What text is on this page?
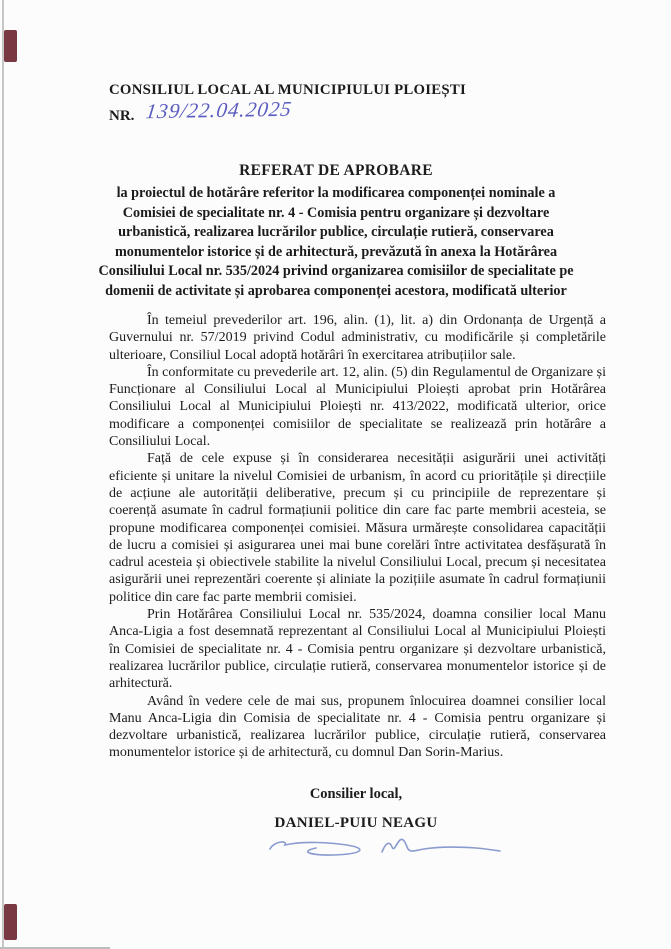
CONSILIUL LOCAL AL MUNICIPIULUI PLOIEȘTI
NR. 139/22.04.2025
REFERAT DE APROBARE
la proiectul de hotărâre referitor la modificarea componenței nominale a
Comisiei de specialitate nr. 4 - Comisia pentru organizare și dezvoltare
urbanistică, realizarea lucrărilor publice, circulație rutieră, conservarea
monumentelor istorice și de arhitectură, prevăzută în anexa la Hotărârea
Consiliului Local nr. 535/2024 privind organizarea comisiilor de specialitate pe
domenii de activitate și aprobarea componenței acestora, modificată ulterior

În temeiul prevederilor art. 196, alin. (1), lit. a) din Ordonanța de Urgență a Guvernului nr. 57/2019 privind Codul administrativ, cu modificările și completările ulterioare, Consiliul Local adoptă hotărâri în exercitarea atribuțiilor sale.

În conformitate cu prevederile art. 12, alin. (5) din Regulamentul de Organizare și Funcționare al Consiliului Local al Municipiului Ploiești aprobat prin Hotărârea Consiliului Local al Municipiului Ploiești nr. 413/2022, modificată ulterior, orice modificare a componenței comisiilor de specialitate se realizează prin hotărâre a Consiliului Local.

Față de cele expuse și în considerarea necesității asigurării unei activități eficiente și unitare la nivelul Comisiei de urbanism, în acord cu prioritățile și direcțiile de acțiune ale autorității deliberative, precum și cu principiile de reprezentare și coerență asumate în cadrul formațiunii politice din care fac parte membrii acesteia, se propune modificarea componenței comisiei. Măsura urmărește consolidarea capacității de lucru a comisiei și asigurarea unei mai bune corelări între activitatea desfășurată în cadrul acesteia și obiectivele stabilite la nivelul Consiliului Local, precum și necesitatea asigurării unei reprezentări coerente și aliniate la pozițiile asumate în cadrul formațiunii politice din care fac parte membrii comisiei.

Prin Hotărârea Consiliului Local nr. 535/2024, doamna consilier local Manu Anca-Ligia a fost desemnată reprezentant al Consiliului Local al Municipiului Ploiești în Comisiei de specialitate nr. 4 - Comisia pentru organizare și dezvoltare urbanistică, realizarea lucrărilor publice, circulație rutieră, conservarea monumentelor istorice și de arhitectură.

Având în vedere cele de mai sus, propunem înlocuirea doamnei consilier local Manu Anca-Ligia din Comisia de specialitate nr. 4 - Comisia pentru organizare și dezvoltare urbanistică, realizarea lucrărilor publice, circulație rutieră, conservarea monumentelor istorice și de arhitectură, cu domnul Dan Sorin-Marius.

Consilier local,
DANIEL-PUIU NEAGU
